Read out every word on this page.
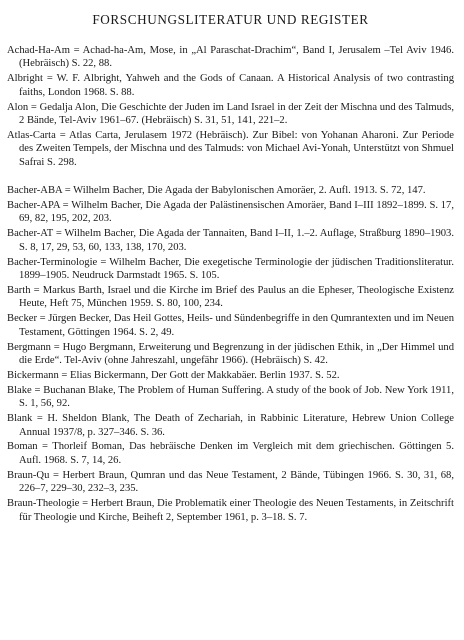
FORSCHUNGSLITERATUR UND REGISTER

Achad-Ha-Am = Achad-ha-Am, Mose, in „Al Paraschat-Drachim“, Band I, Jerusalem –Tel Aviv 1946. (Hebräisch) S. 22, 88.

Albright = W. F. Albright, Yahweh and the Gods of Canaan. A Historical Analysis of two contrasting faiths, London 1968. S. 88.

Alon = Gedalja Alon, Die Geschichte der Juden im Land Israel in der Zeit der Mischna und des Talmuds, 2 Bände, Tel-Aviv 1961–67. (Hebräisch) S. 31, 51, 141, 221–2.

Atlas-Carta = Atlas Carta, Jerulasem 1972 (Hebräisch). Zur Bibel: von Yohanan Aharoni. Zur Periode des Zweiten Tempels, der Mischna und des Talmuds: von Michael Avi-Yonah, Unterstützt von Shmuel Safrai S. 298.

Bacher-ABA = Wilhelm Bacher, Die Agada der Babylonischen Amoräer, 2. Aufl. 1913. S. 72, 147.

Bacher-APA = Wilhelm Bacher, Die Agada der Palästinensischen Amoräer, Band I–III 1892–1899. S. 17, 69, 82, 195, 202, 203.

Bacher-AT = Wilhelm Bacher, Die Agada der Tannaiten, Band I–II, 1.–2. Auflage, Straßburg 1890–1903. S. 8, 17, 29, 53, 60, 133, 138, 170, 203.

Bacher-Terminologie = Wilhelm Bacher, Die exegetische Terminologie der jüdischen Traditionsliteratur. 1899–1905. Neudruck Darmstadt 1965. S. 105.

Barth = Markus Barth, Israel und die Kirche im Brief des Paulus an die Epheser, Theologische Existenz Heute, Heft 75, München 1959. S. 80, 100, 234.

Becker = Jürgen Becker, Das Heil Gottes, Heils- und Sündenbegriffe in den Qumrantexten und im Neuen Testament, Göttingen 1964. S. 2, 49.

Bergmann = Hugo Bergmann, Erweiterung und Begrenzung in der jüdischen Ethik, in „Der Himmel und die Erde“. Tel-Aviv (ohne Jahreszahl, ungefähr 1966). (Hebräisch) S. 42.

Bickermann = Elias Bickermann, Der Gott der Makkabäer. Berlin 1937. S. 52.

Blake = Buchanan Blake, The Problem of Human Suffering. A study of the book of Job. New York 1911, S. 1, 56, 92.

Blank = H. Sheldon Blank, The Death of Zechariah, in Rabbinic Literature, Hebrew Union College Annual 1937/8, p. 327–346. S. 36.

Boman = Thorleif Boman, Das hebräische Denken im Vergleich mit dem griechischen. Göttingen 5. Aufl. 1968. S. 7, 14, 26.

Braun-Qu = Herbert Braun, Qumran und das Neue Testament, 2 Bände, Tübingen 1966. S. 30, 31, 68, 226–7, 229–30, 232–3, 235.

Braun-Theologie = Herbert Braun, Die Problematik einer Theologie des Neuen Testaments, in Zeitschrift für Theologie und Kirche, Beiheft 2, September 1961, p. 3–18. S. 7.
